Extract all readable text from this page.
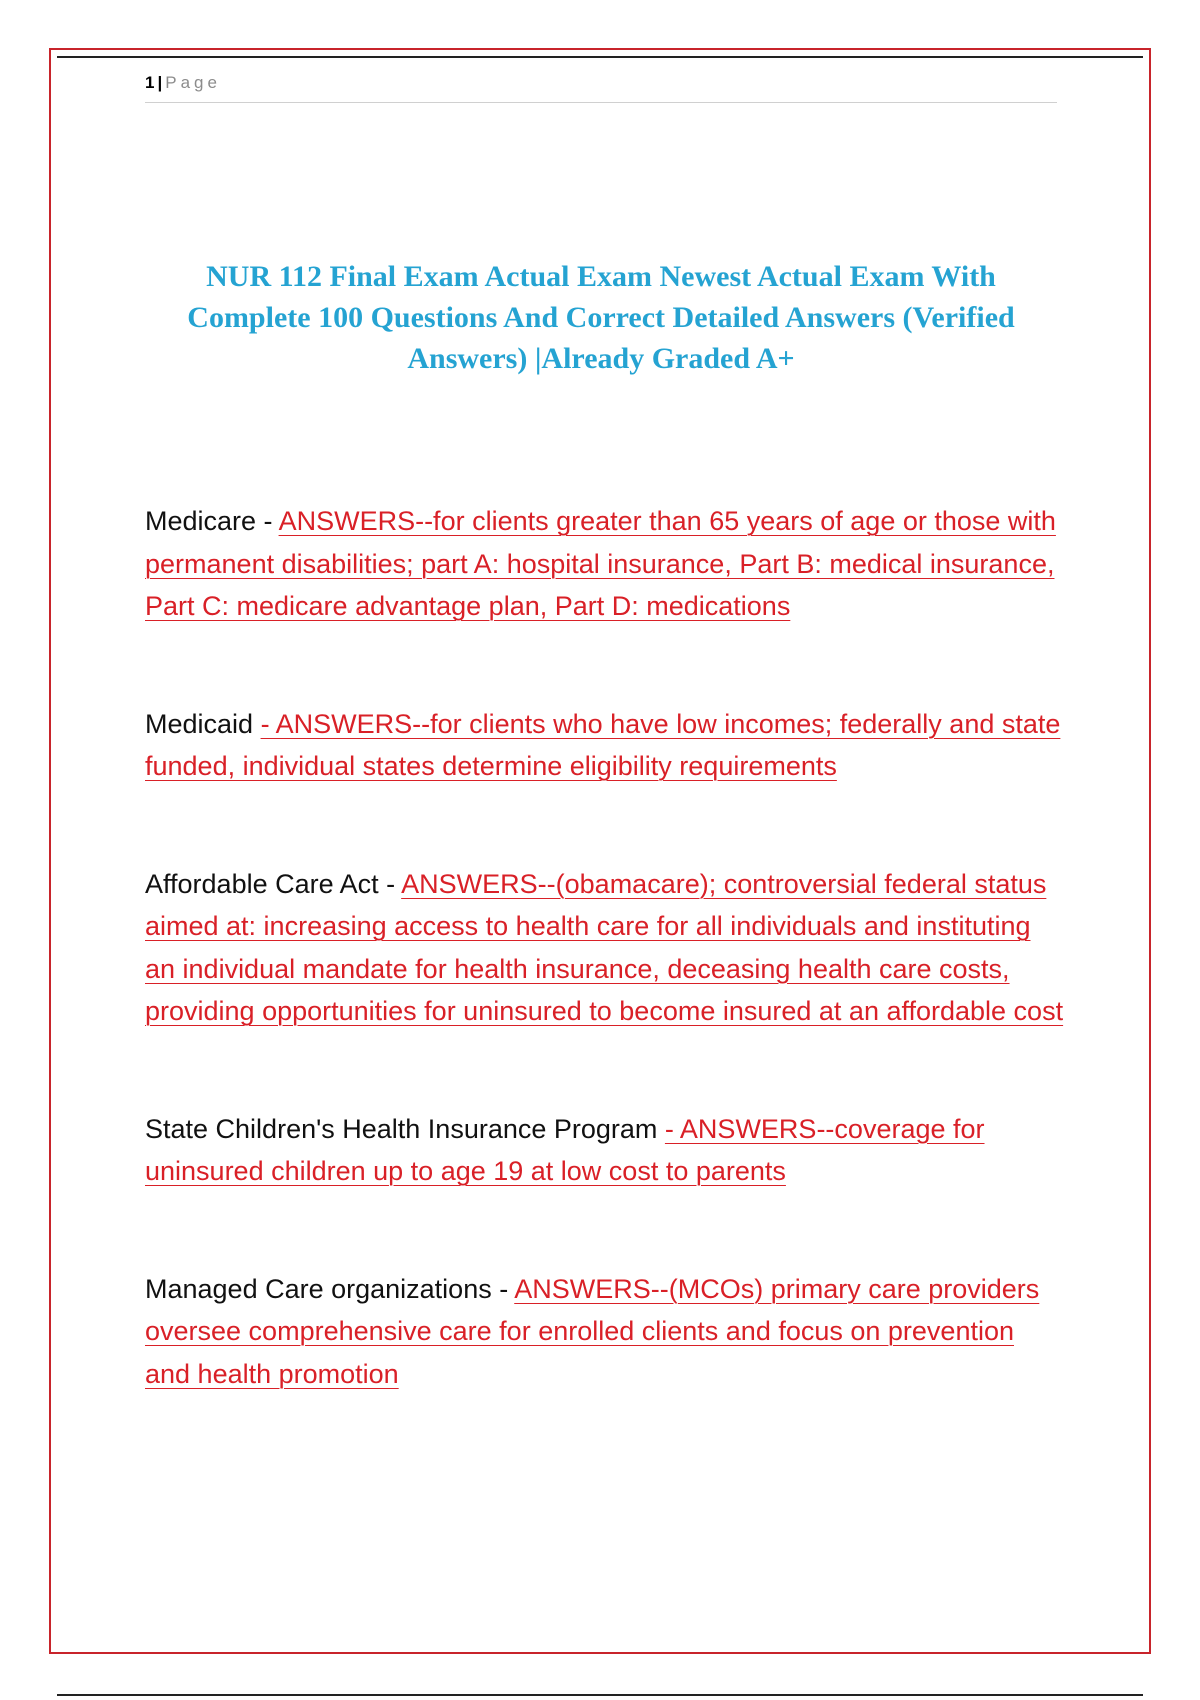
1 | Page
NUR 112 Final Exam Actual Exam Newest Actual Exam With Complete 100 Questions And Correct Detailed Answers (Verified Answers) |Already Graded A+
Medicare - ANSWERS--for clients greater than 65 years of age or those with permanent disabilities; part A: hospital insurance, Part B: medical insurance, Part C: medicare advantage plan, Part D: medications
Medicaid - ANSWERS--for clients who have low incomes; federally and state funded, individual states determine eligibility requirements
Affordable Care Act - ANSWERS--(obamacare); controversial federal status aimed at: increasing access to health care for all individuals and instituting an individual mandate for health insurance, deceasing health care costs, providing opportunities for uninsured to become insured at an affordable cost
State Children's Health Insurance Program - ANSWERS--coverage for uninsured children up to age 19 at low cost to parents
Managed Care organizations - ANSWERS--(MCOs) primary care providers oversee comprehensive care for enrolled clients and focus on prevention and health promotion
